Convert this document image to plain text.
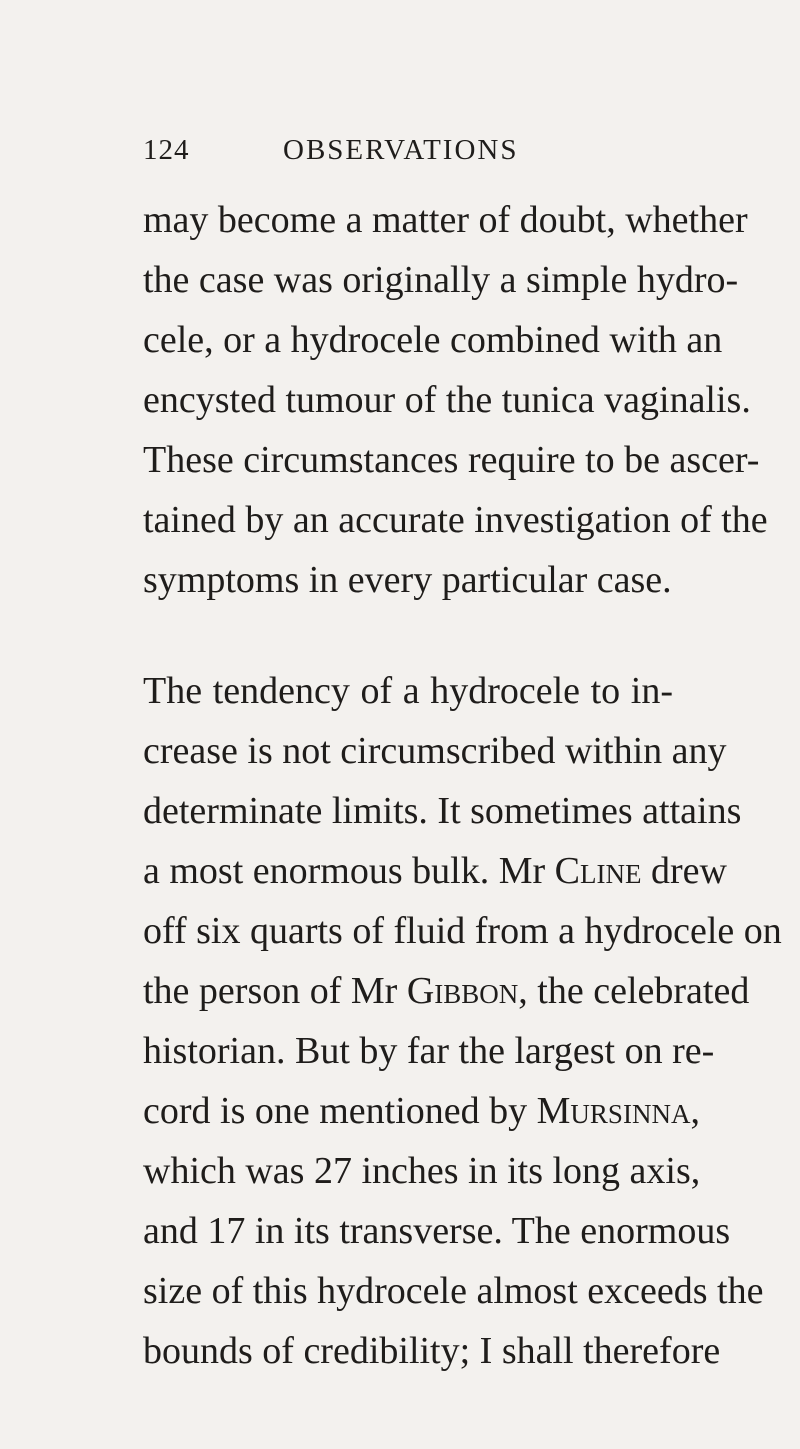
124	OBSERVATIONS
may become a matter of doubt, whether
the case was originally a simple hydro-
cele, or a hydrocele combined with an
encysted tumour of the tunica vaginalis.
These circumstances require to be ascer-
tained by an accurate investigation of the
symptoms in every particular case.
The tendency of a hydrocele to in-
crease is not circumscribed within any
determinate limits. It sometimes attains
a most enormous bulk. Mr Cline drew
off six quarts of fluid from a hydrocele on
the person of Mr Gibbon, the celebrated
historian. But by far the largest on re-
cord is one mentioned by Mursinna,
which was 27 inches in its long axis,
and 17 in its transverse. The enormous
size of this hydrocele almost exceeds the
bounds of credibility; I shall therefore
